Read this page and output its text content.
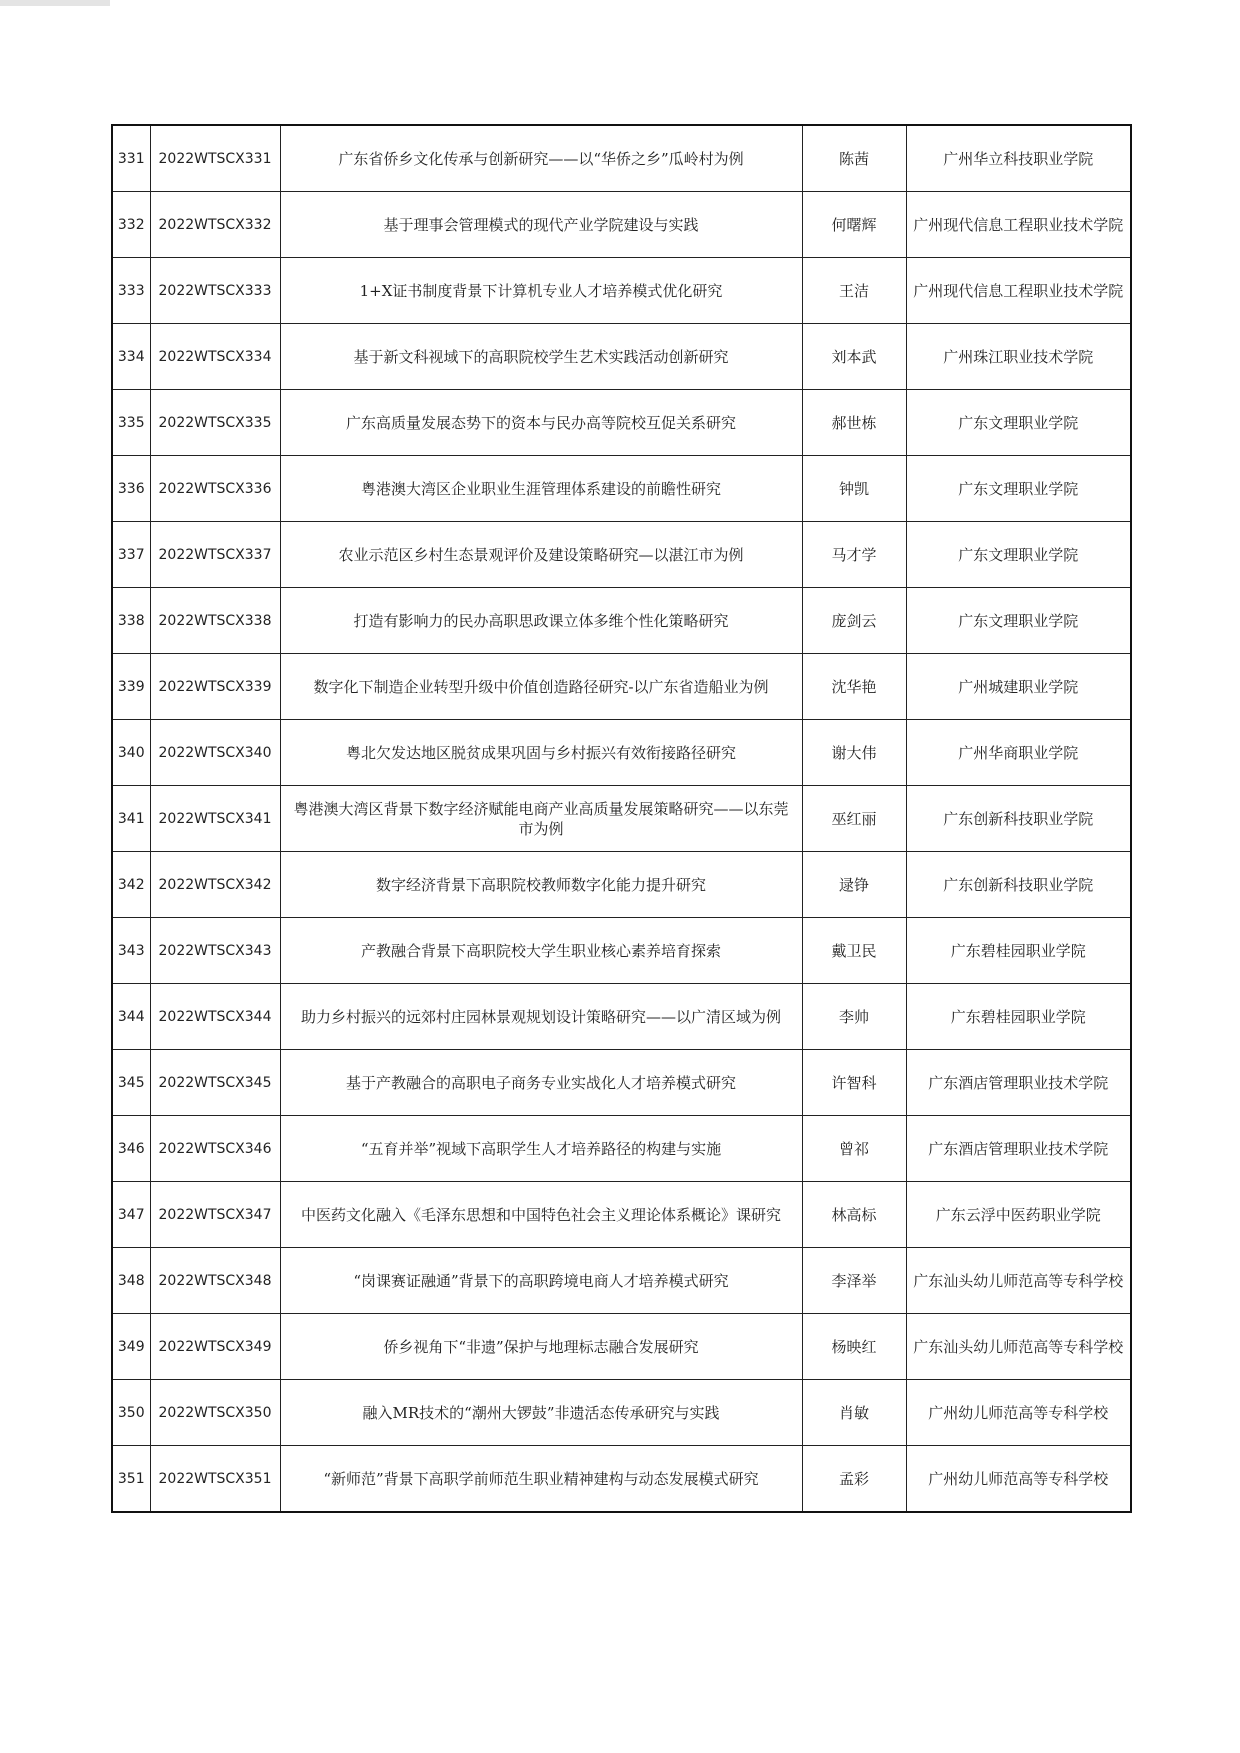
331	2022WTSCX331	广东省侨乡文化传承与创新研究——以“华侨之乡”瓜岭村为例	陈茜	广州华立科技职业学院
332	2022WTSCX332	基于理事会管理模式的现代产业学院建设与实践	何曙辉	广州现代信息工程职业技术学院
333	2022WTSCX333	1+X证书制度背景下计算机专业人才培养模式优化研究	王洁	广州现代信息工程职业技术学院
334	2022WTSCX334	基于新文科视域下的高职院校学生艺术实践活动创新研究	刘本武	广州珠江职业技术学院
335	2022WTSCX335	广东高质量发展态势下的资本与民办高等院校互促关系研究	郝世栋	广东文理职业学院
336	2022WTSCX336	粤港澳大湾区企业职业生涯管理体系建设的前瞻性研究	钟凯	广东文理职业学院
337	2022WTSCX337	农业示范区乡村生态景观评价及建设策略研究—以湛江市为例	马才学	广东文理职业学院
338	2022WTSCX338	打造有影响力的民办高职思政课立体多维个性化策略研究	庞剑云	广东文理职业学院
339	2022WTSCX339	数字化下制造企业转型升级中价值创造路径研究-以广东省造船业为例	沈华艳	广州城建职业学院
340	2022WTSCX340	粤北欠发达地区脱贫成果巩固与乡村振兴有效衔接路径研究	谢大伟	广州华商职业学院
341	2022WTSCX341	粤港澳大湾区背景下数字经济赋能电商产业高质量发展策略研究——以东莞市为例	巫红丽	广东创新科技职业学院
342	2022WTSCX342	数字经济背景下高职院校教师数字化能力提升研究	逯铮	广东创新科技职业学院
343	2022WTSCX343	产教融合背景下高职院校大学生职业核心素养培育探索	戴卫民	广东碧桂园职业学院
344	2022WTSCX344	助力乡村振兴的远郊村庄园林景观规划设计策略研究——以广清区域为例	李帅	广东碧桂园职业学院
345	2022WTSCX345	基于产教融合的高职电子商务专业实战化人才培养模式研究	许智科	广东酒店管理职业技术学院
346	2022WTSCX346	“五育并举”视域下高职学生人才培养路径的构建与实施	曾祁	广东酒店管理职业技术学院
347	2022WTSCX347	中医药文化融入《毛泽东思想和中国特色社会主义理论体系概论》课研究	林高标	广东云浮中医药职业学院
348	2022WTSCX348	“岗课赛证融通”背景下的高职跨境电商人才培养模式研究	李泽举	广东汕头幼儿师范高等专科学校
349	2022WTSCX349	侨乡视角下“非遗”保护与地理标志融合发展研究	杨映红	广东汕头幼儿师范高等专科学校
350	2022WTSCX350	融入MR技术的“潮州大锣鼓”非遗活态传承研究与实践	肖敏	广州幼儿师范高等专科学校
351	2022WTSCX351	“新师范”背景下高职学前师范生职业精神建构与动态发展模式研究	孟彩	广州幼儿师范高等专科学校
